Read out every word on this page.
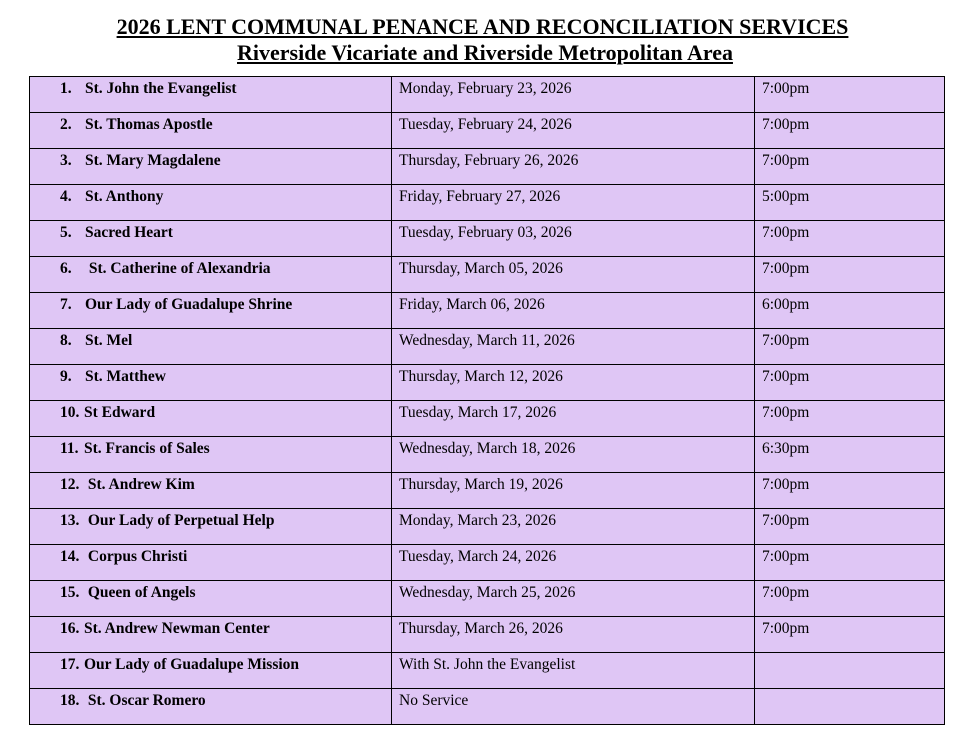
2026 LENT COMMUNAL PENANCE AND RECONCILIATION SERVICES
Riverside Vicariate and Riverside Metropolitan Area
1. St. John the Evangelist	Monday, February 23, 2026	7:00pm

2. St. Thomas Apostle	Tuesday, February 24, 2026	7:00pm

3. St. Mary Magdalene	Thursday, February 26, 2026	7:00pm

4. St. Anthony	Friday, February 27, 2026	5:00pm

5. Sacred Heart	Tuesday, February 03, 2026	7:00pm

6. St. Catherine of Alexandria	Thursday, March 05, 2026	7:00pm

7. Our Lady of Guadalupe Shrine	Friday, March 06, 2026	6:00pm

8. St. Mel	Wednesday, March 11, 2026	7:00pm

9. St. Matthew	Thursday, March 12, 2026	7:00pm

10. St Edward	Tuesday, March 17, 2026	7:00pm

11. St. Francis of Sales	Wednesday, March 18, 2026	6:30pm

12. St. Andrew Kim	Thursday, March 19, 2026	7:00pm

13. Our Lady of Perpetual Help	Monday, March 23, 2026	7:00pm

14. Corpus Christi	Tuesday, March 24, 2026	7:00pm

15. Queen of Angels	Wednesday, March 25, 2026	7:00pm

16. St. Andrew Newman Center	Thursday, March 26, 2026	7:00pm

17. Our Lady of Guadalupe Mission	With St. John the Evangelist	

18. St. Oscar Romero	No Service	
